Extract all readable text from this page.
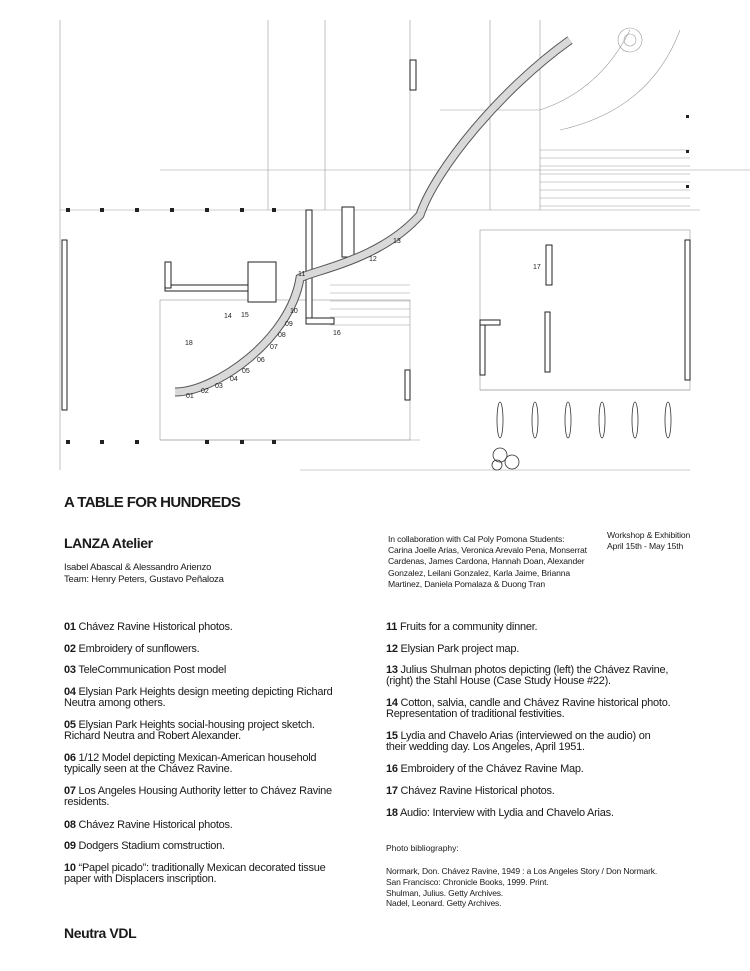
01
02
03
04
05
06
07
08
09
10
11
12
13
14 15
16
17
18
A TABLE FOR HUNDREDS
LANZA Atelier
Isabel Abascal & Alessandro Arienzo
Team: Henry Peters, Gustavo Peñaloza
In collaboration with Cal Poly Pomona Students:
Carina Joelle Arias, Veronica Arevalo Pena, Monserrat
Cardenas, James Cardona, Hannah Doan, Alexander
Gonzalez, Leilani Gonzalez, Karla Jaime, Brianna
Martinez, Daniela Pomalaza & Duong Tran
Workshop & Exhibition
April 15th - May 15th
01 Chávez Ravine Historical photos.
02 Embroidery of sunflowers.
03 TeleCommunication Post model
04 Elysian Park Heights design meeting depicting Richard
Neutra among others.
05 Elysian Park Heights social-housing project sketch.
Richard Neutra and Robert Alexander.
06 1/12 Model depicting Mexican-American household
typically seen at the Chávez Ravine.
07 Los Angeles Housing Authority letter to Chávez Ravine
residents.
08 Chávez Ravine Historical photos.
09 Dodgers Stadium comstruction.
10 “Papel picado”: traditionally Mexican decorated tissue
paper with Displacers inscription.
11 Fruits for a community dinner.
12 Elysian Park project map.
13 Julius Shulman photos depicting (left) the Chávez Ravine,
(right) the Stahl House (Case Study House #22).
14 Cotton, salvia, candle and Chávez Ravine historical photo.
Representation of traditional festivities.
15 Lydia and Chavelo Arias (interviewed on the audio) on
their wedding day. Los Angeles, April 1951.
16 Embroidery of the Chávez Ravine Map.
17 Chávez Ravine Historical photos.
18 Audio: Interview with Lydia and Chavelo Arias.
Photo bibliography:
Normark, Don. Chávez Ravine, 1949 : a Los Angeles Story / Don Normark.
San Francisco: Chronicle Books, 1999. Print.
Shulman, Julius. Getty Archives.
Nadel, Leonard. Getty Archives.
Neutra VDL
